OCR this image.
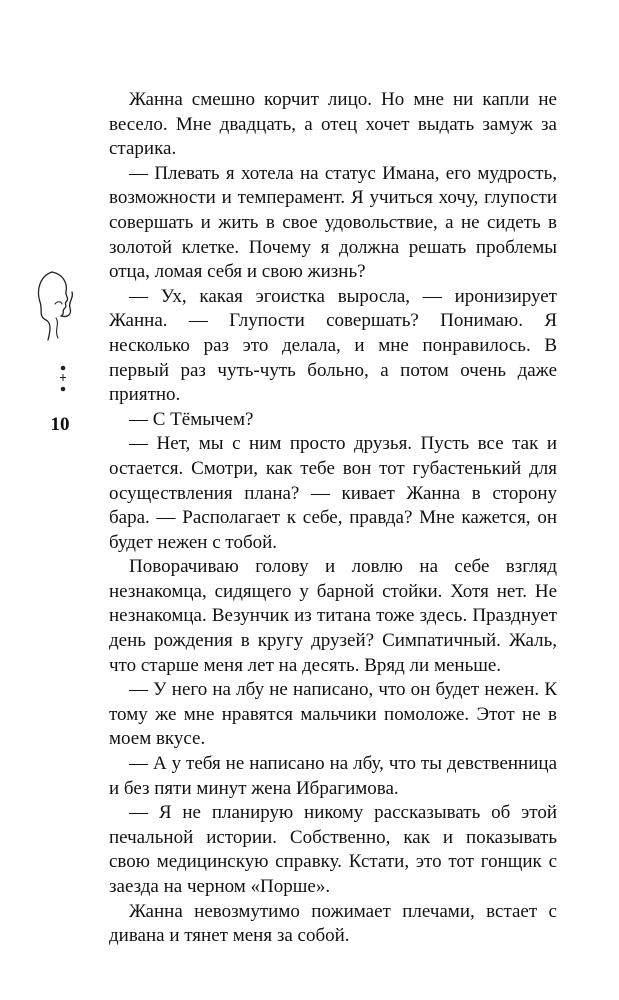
10

Жанна смешно корчит лицо. Но мне ни капли не весело. Мне двадцать, а отец хочет выдать замуж за старика.

— Плевать я хотела на статус Имана, его мудрость, возможности и темперамент. Я учиться хочу, глупости совершать и жить в свое удовольствие, а не сидеть в золотой клетке. Почему я должна решать проблемы отца, ломая себя и свою жизнь?

— Ух, какая эгоистка выросла, — иронизирует Жанна. — Глупости совершать? Понимаю. Я несколько раз это делала, и мне понравилось. В первый раз чуть-чуть больно, а потом очень даже приятно.

— С Тёмычем?

— Нет, мы с ним просто друзья. Пусть все так и остается. Смотри, как тебе вон тот губастенький для осуществления плана? — кивает Жанна в сторону бара. — Располагает к себе, правда? Мне кажется, он будет нежен с тобой.

Поворачиваю голову и ловлю на себе взгляд незнакомца, сидящего у барной стойки. Хотя нет. Не незнакомца. Везунчик из титана тоже здесь. Празднует день рождения в кругу друзей? Симпатичный. Жаль, что старше меня лет на десять. Вряд ли меньше.

— У него на лбу не написано, что он будет нежен. К тому же мне нравятся мальчики помоложе. Этот не в моем вкусе.

— А у тебя не написано на лбу, что ты девственница и без пяти минут жена Ибрагимова.

— Я не планирую никому рассказывать об этой печальной истории. Собственно, как и показывать свою медицинскую справку. Кстати, это тот гонщик с заезда на черном «Порше».

Жанна невозмутимо пожимает плечами, встает с дивана и тянет меня за собой.
